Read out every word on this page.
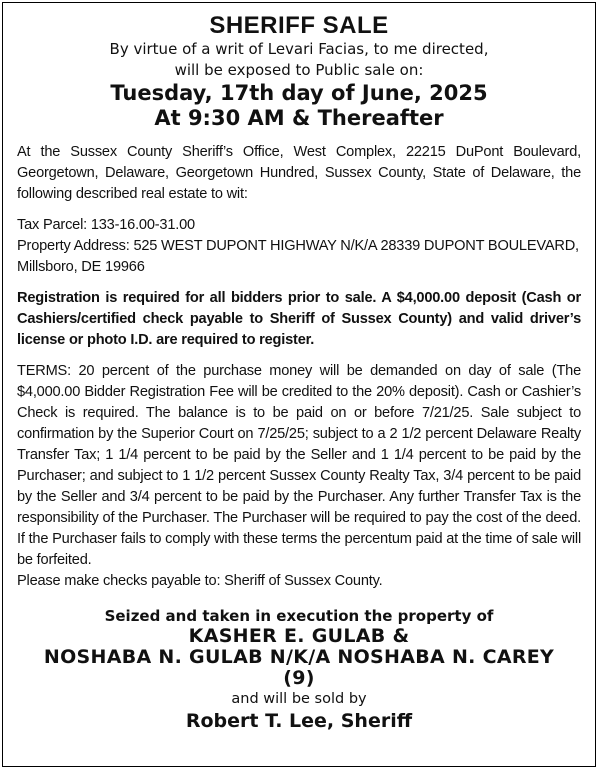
SHERIFF SALE
By virtue of a writ of Levari Facias, to me directed,
will be exposed to Public sale on:
Tuesday, 17th day of June, 2025
At 9:30 AM & Thereafter

At the Sussex County Sheriff’s Office, West Complex, 22215 DuPont Boulevard, Georgetown, Delaware, Georgetown Hundred, Sussex County, State of Delaware, the following described real estate to wit:

Tax Parcel: 133-16.00-31.00
Property Address: 525 WEST DUPONT HIGHWAY N/K/A 28339 DUPONT BOULEVARD,
Millsboro, DE 19966

Registration is required for all bidders prior to sale. A $4,000.00 deposit (Cash or Cashiers/certified check payable to Sheriff of Sussex County) and valid driver’s license or photo I.D. are required to register.

TERMS: 20 percent of the purchase money will be demanded on day of sale (The $4,000.00 Bidder Registration Fee will be credited to the 20% deposit). Cash or Cashier’s Check is required. The balance is to be paid on or before 7/21/25. Sale subject to confirmation by the Superior Court on 7/25/25; subject to a 2 1/2 percent Delaware Realty Transfer Tax; 1 1/4 percent to be paid by the Seller and 1 1/4 percent to be paid by the Purchaser; and subject to 1 1/2 percent Sussex County Realty Tax, 3/4 percent to be paid by the Seller and 3/4 percent to be paid by the Purchaser. Any further Transfer Tax is the responsibility of the Purchaser. The Purchaser will be required to pay the cost of the deed. If the Purchaser fails to comply with these terms the percentum paid at the time of sale will be forfeited.

Please make checks payable to: Sheriff of Sussex County.

Seized and taken in execution the property of
KASHER E. GULAB &
NOSHABA N. GULAB N/K/A NOSHABA N. CAREY
(9)
and will be sold by
Robert T. Lee, Sheriff
